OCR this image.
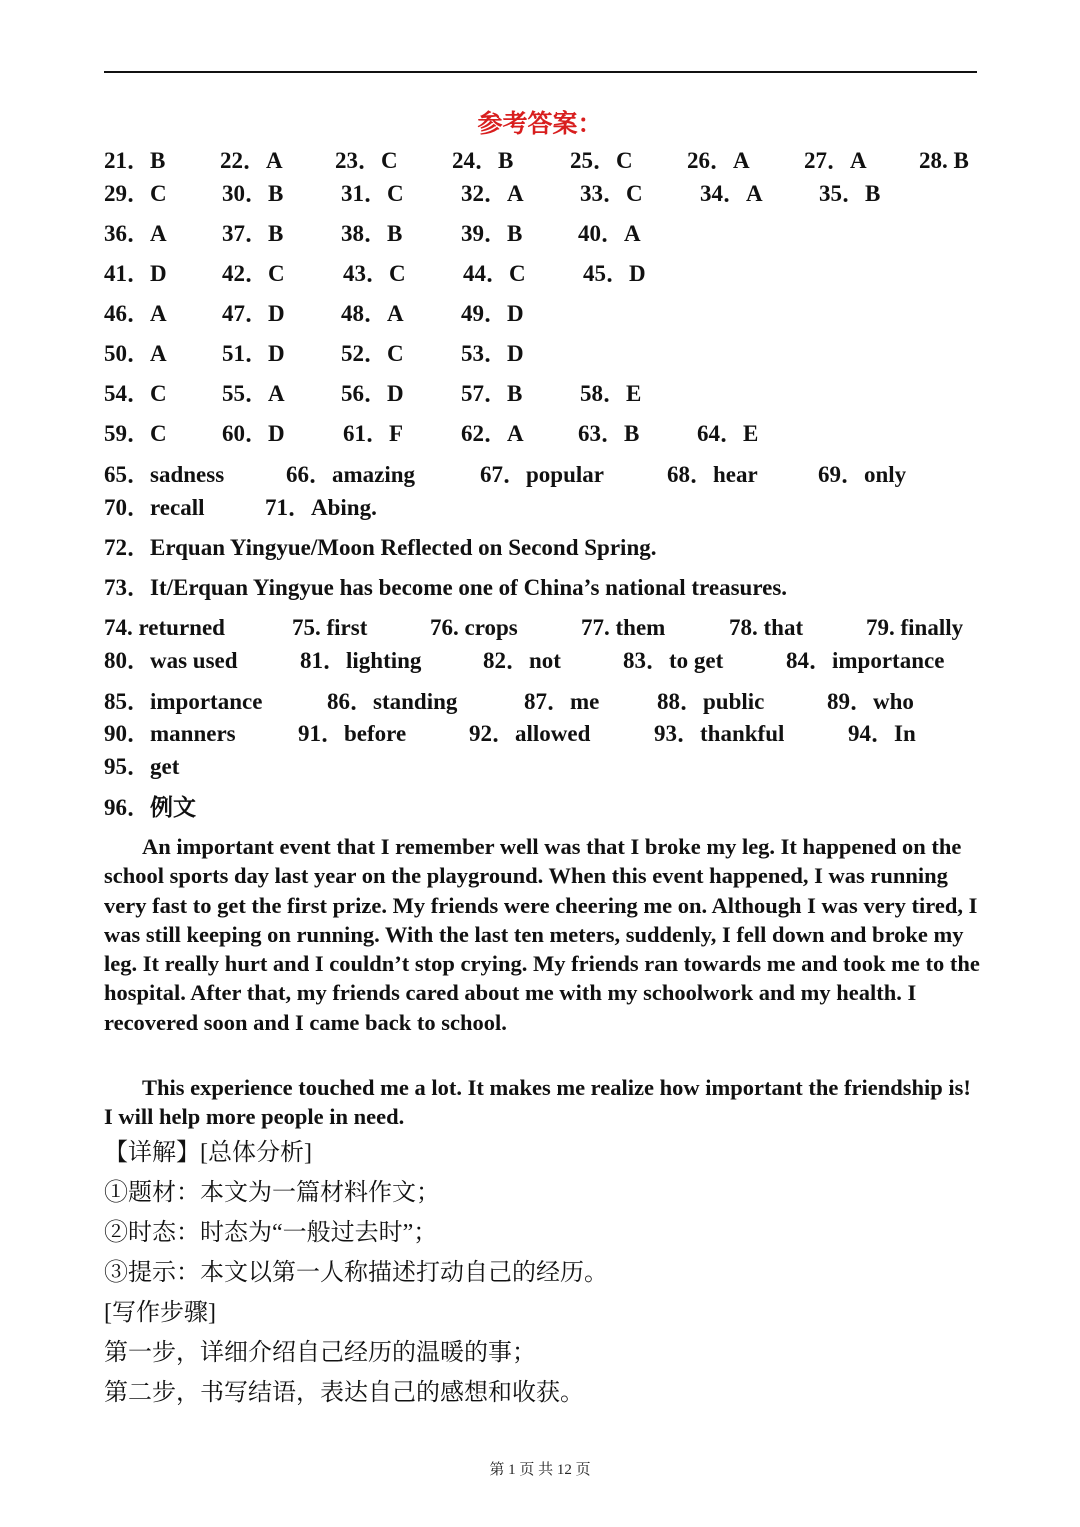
参考答案：
21．B 22．A 23．C 24．B 25．C 26．A 27．A 28. B
29．C 30．B	31．C 32．A 33．C 34．A 35．B
36．A 37．B	38．B	39．B 40．A
41．D 42．C	43．C 44．C 45．D
46．A 47．D 48．A 49．D
50．A 51．D 52．C 53．D
54．C 55．A 56．D 57．B	58．E
59．C 60．D	61．F	62．A 63．B	64．E
65．sadness	66．amazing	67．popular	68．hear	69．only
70．recall	71．Abing.
74. returned	75. first	76. crops	77. them	78. that	79. finally
80．was used	81．lighting	82．not	83．to get	84．importance
85．importance	86．standing	87．me	88．public	89．who
90．manners	91．before	92．allowed	93．thankful	94．In
95．get
72．Erquan Yingyue/Moon Reflected on Second Spring.
73．It/Erquan Yingyue has become one of China’s national treasures.
96．例文

An important event that I remember well was that I broke my leg. It happened on the school sports day last year on the playground. When this event happened, I was running very fast to get the first prize. My friends were cheering me on. Although I was very tired, I was still keeping on running. With the last ten meters, suddenly, I fell down and broke my leg. It really hurt and I couldn’t stop crying. My friends ran towards me and took me to the hospital. After that, my friends cared about me with my schoolwork and my health. I recovered soon and I came back to school.

This experience touched me a lot. It makes me realize how important the friendship is! I will help more people in need.

【详解】[总体分析]
①题材：本文为一篇材料作文；
②时态：时态为“一般过去时”；
③提示：本文以第一人称描述打动自己的经历。
[写作步骤]
第一步，详细介绍自己经历的温暖的事；
第二步，书写结语，表达自己的感想和收获。
第 1 页 共 12 页
